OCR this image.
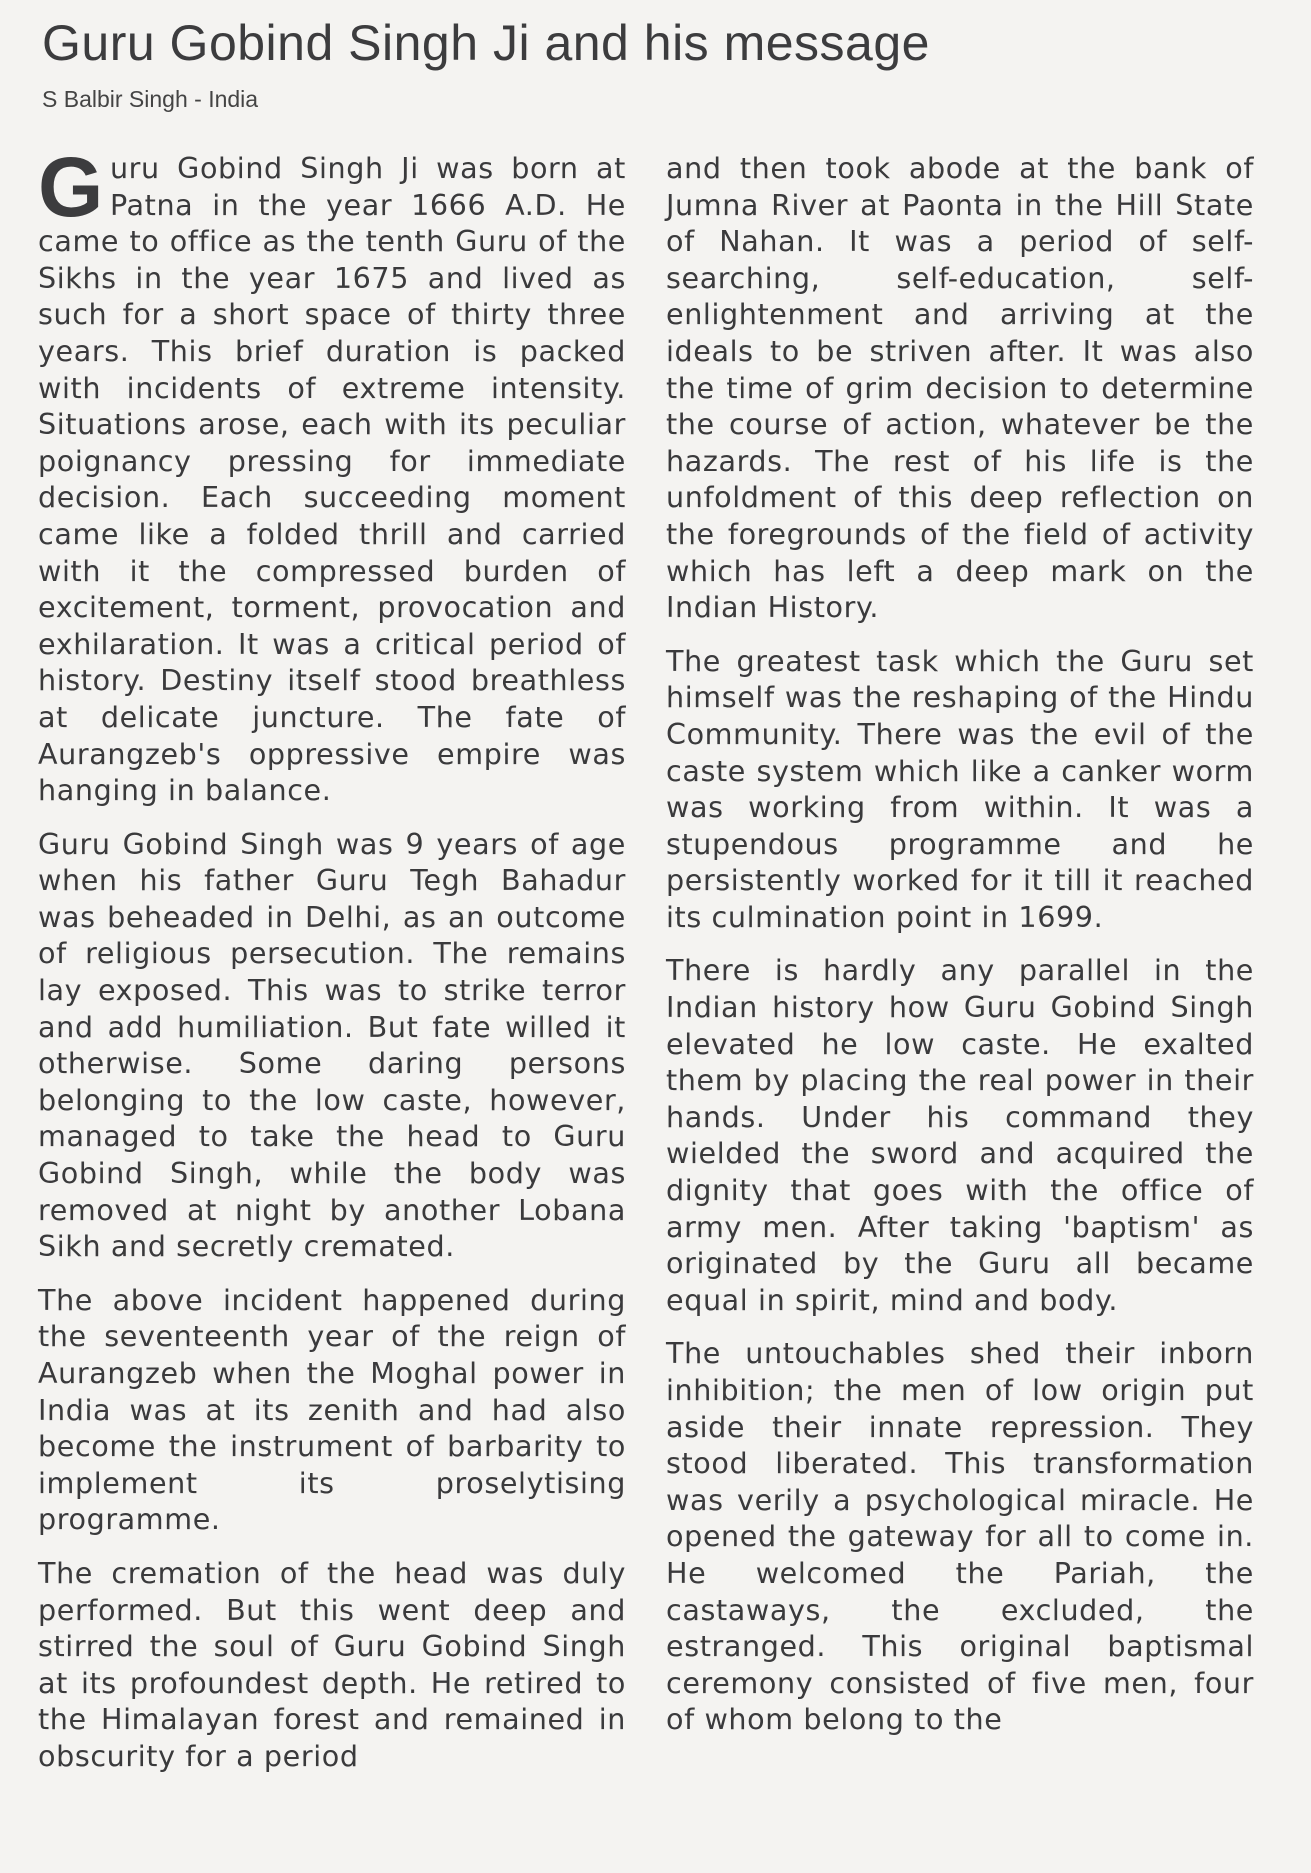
Guru Gobind Singh Ji and his message
S Balbir Singh - India

Guru Gobind Singh Ji was born at Patna in the year 1666 A.D. He came to office as the tenth Guru of the Sikhs in the year 1675 and lived as such for a short space of thirty three years. This brief duration is packed with incidents of extreme intensity. Situations arose, each with its peculiar poignancy pressing for immediate decision. Each succeeding moment came like a folded thrill and carried with it the compressed burden of excitement, torment, provocation and exhilaration. It was a critical period of history. Destiny itself stood breathless at delicate juncture. The fate of Aurangzeb's oppressive empire was hanging in balance.

Guru Gobind Singh was 9 years of age when his father Guru Tegh Bahadur was beheaded in Delhi, as an outcome of religious persecution. The remains lay exposed. This was to strike terror and add humiliation. But fate willed it otherwise. Some daring persons belonging to the low caste, however, managed to take the head to Guru Gobind Singh, while the body was removed at night by another Lobana Sikh and secretly cremated.

The above incident happened during the seventeenth year of the reign of Aurangzeb when the Moghal power in India was at its zenith and had also become the instrument of barbarity to implement its proselytising programme.

The cremation of the head was duly performed. But this went deep and stirred the soul of Guru Gobind Singh at its profoundest depth. He retired to the Himalayan forest and remained in obscurity for a period

and then took abode at the bank of Jumna River at Paonta in the Hill State of Nahan. It was a period of self-searching, self-education, self-enlightenment and arriving at the ideals to be striven after. It was also the time of grim decision to determine the course of action, whatever be the hazards. The rest of his life is the unfoldment of this deep reflection on the foregrounds of the field of activity which has left a deep mark on the Indian History.

The greatest task which the Guru set himself was the reshaping of the Hindu Community. There was the evil of the caste system which like a canker worm was working from within. It was a stupendous programme and he persistently worked for it till it reached its culmination point in 1699.

There is hardly any parallel in the Indian history how Guru Gobind Singh elevated he low caste. He exalted them by placing the real power in their hands. Under his command they wielded the sword and acquired the dignity that goes with the office of army men. After taking 'baptism' as originated by the Guru all became equal in spirit, mind and body.

The untouchables shed their inborn inhibition; the men of low origin put aside their innate repression. They stood liberated. This transformation was verily a psychological miracle. He opened the gateway for all to come in. He welcomed the Pariah, the castaways, the excluded, the estranged. This original baptismal ceremony consisted of five men, four of whom belong to the
